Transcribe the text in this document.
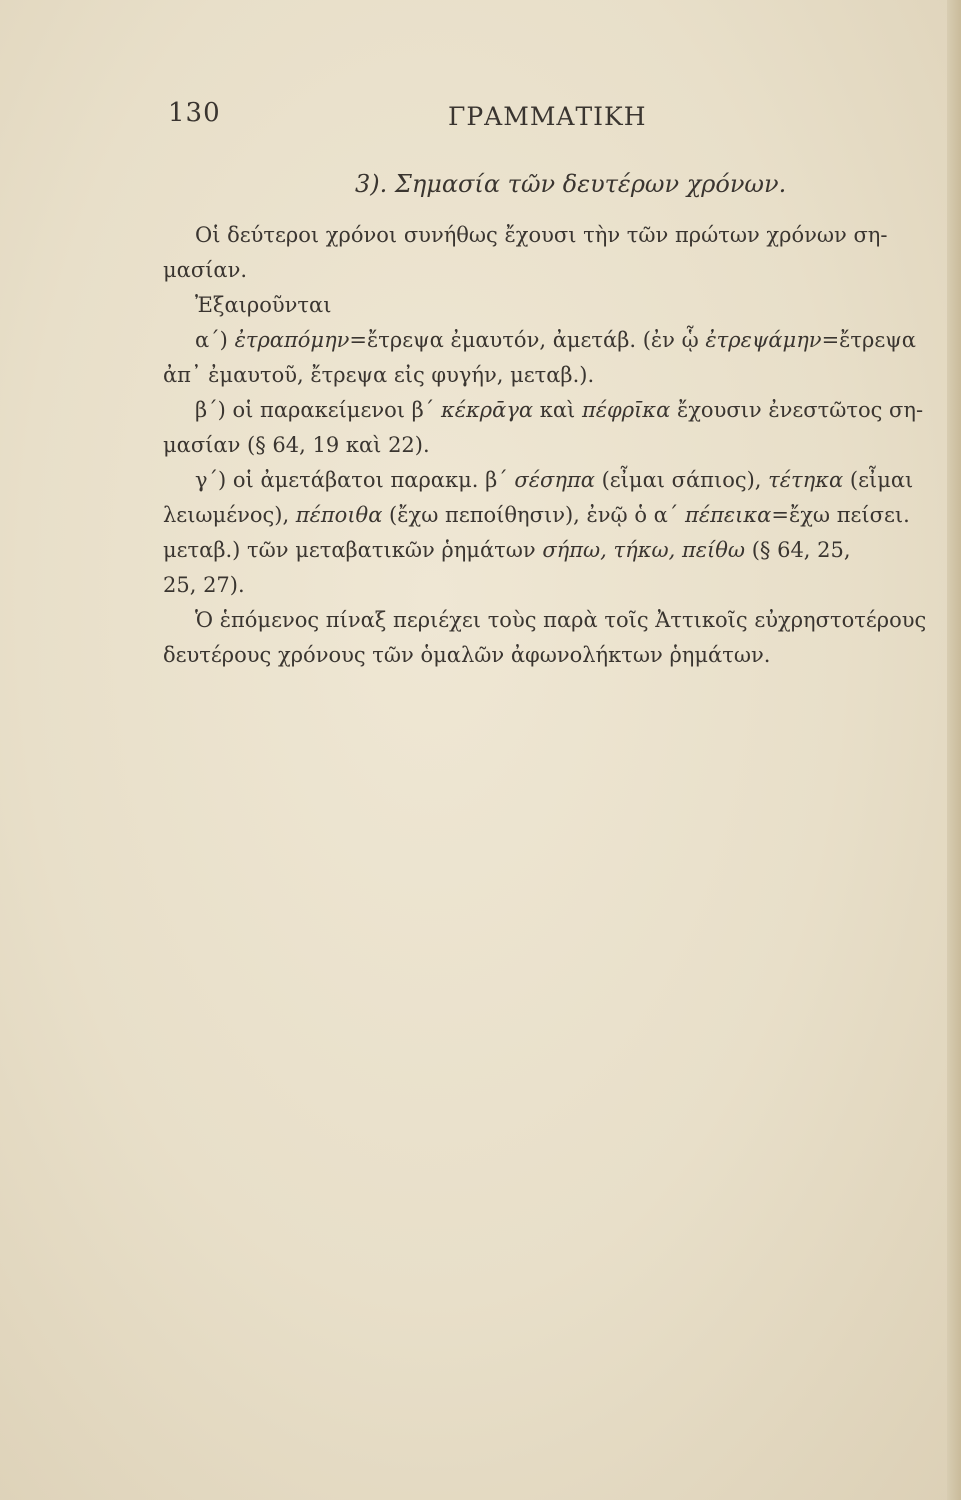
130	ΓΡΑΜΜΑΤΙΚΗ
3). Σημασία τῶν δευτέρων χρόνων.

Οἱ δεύτεροι χρόνοι συνήθως ἔχουσι τὴν τῶν πρώτων χρόνων ση-

μασίαν.

Ἐξαιροῦνται

α΄) ἐτραπόμην=ἔτρεψα ἐμαυτόν, ἀμετάβ. (ἐν ᾧ ἐτρεψάμην=ἔτρεψα

ἀπ᾽ ἐμαυτοῦ, ἔτρεψα εἰς φυγήν, μεταβ.).

β΄) οἱ παρακείμενοι β΄ κέκρᾱγα καὶ πέφρῑκα ἔχουσιν ἐνεστῶτος ση-

μασίαν (§ 64, 19 καὶ 22).

γ΄) οἱ ἀμετάβατοι παρακμ. β΄ σέσηπα (εἶμαι σάπιος), τέτηκα (εἶμαι

λειωμένος), πέποιθα (ἔχω πεποίθησιν), ἐνῷ ὁ α΄ πέπεικα=ἔχω πείσει.

μεταβ.) τῶν μεταβατικῶν ῥημάτων σήπω, τήκω, πείθω (§ 64, 25,

25, 27).

Ὁ ἑπόμενος πίναξ περιέχει τοὺς παρὰ τοῖς Ἀττικοῖς εὐχρηστοτέρους

δευτέρους χρόνους τῶν ὁμαλῶν ἀφωνολήκτων ῥημάτων.
